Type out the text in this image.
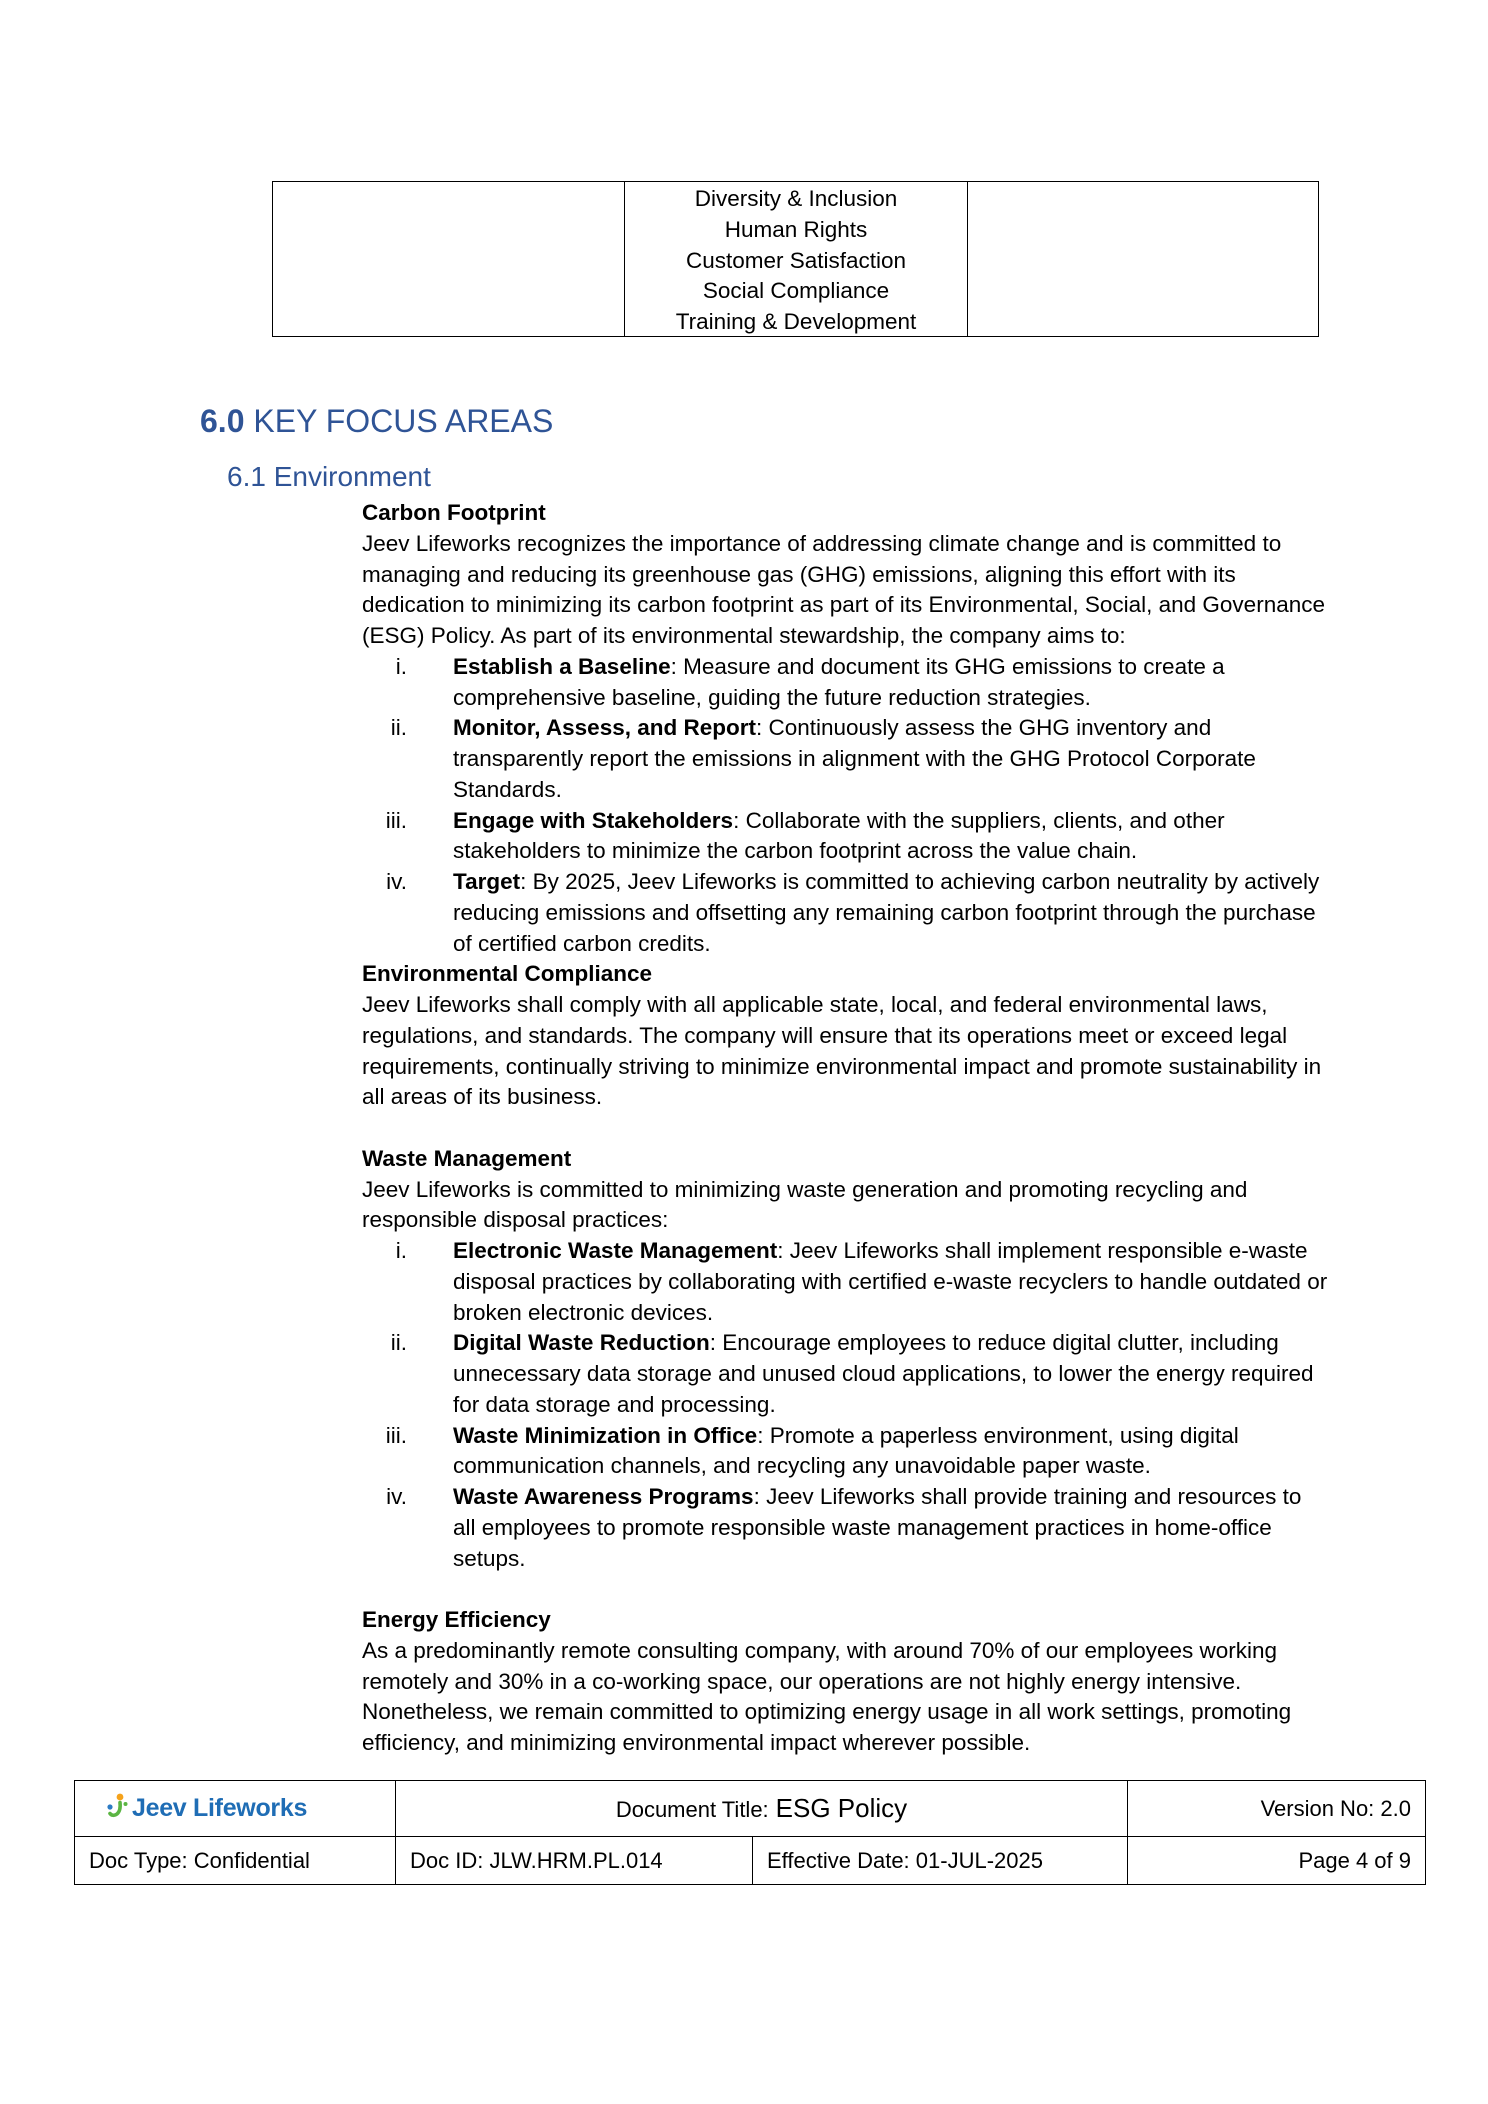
Diversity & Inclusion
Human Rights
Customer Satisfaction
Social Compliance
Training & Development
6.0 KEY FOCUS AREAS
6.1 Environment
Carbon Footprint

Jeev Lifeworks recognizes the importance of addressing climate change and is committed to managing and reducing its greenhouse gas (GHG) emissions, aligning this effort with its dedication to minimizing its carbon footprint as part of its Environmental, Social, and Governance (ESG) Policy. As part of its environmental stewardship, the company aims to:

i. Establish a Baseline: Measure and document its GHG emissions to create a comprehensive baseline, guiding the future reduction strategies.
ii. Monitor, Assess, and Report: Continuously assess the GHG inventory and transparently report the emissions in alignment with the GHG Protocol Corporate Standards.
iii. Engage with Stakeholders: Collaborate with the suppliers, clients, and other stakeholders to minimize the carbon footprint across the value chain.
iv. Target: By 2025, Jeev Lifeworks is committed to achieving carbon neutrality by actively reducing emissions and offsetting any remaining carbon footprint through the purchase of certified carbon credits.
Environmental Compliance

Jeev Lifeworks shall comply with all applicable state, local, and federal environmental laws, regulations, and standards. The company will ensure that its operations meet or exceed legal requirements, continually striving to minimize environmental impact and promote sustainability in all areas of its business.

Waste Management

Jeev Lifeworks is committed to minimizing waste generation and promoting recycling and responsible disposal practices:

i. Electronic Waste Management: Jeev Lifeworks shall implement responsible e-waste disposal practices by collaborating with certified e-waste recyclers to handle outdated or broken electronic devices.
ii. Digital Waste Reduction: Encourage employees to reduce digital clutter, including unnecessary data storage and unused cloud applications, to lower the energy required for data storage and processing.
iii. Waste Minimization in Office: Promote a paperless environment, using digital communication channels, and recycling any unavoidable paper waste.
iv. Waste Awareness Programs: Jeev Lifeworks shall provide training and resources to all employees to promote responsible waste management practices in home-office setups.
Energy Efficiency

As a predominantly remote consulting company, with around 70% of our employees working remotely and 30% in a co-working space, our operations are not highly energy intensive. Nonetheless, we remain committed to optimizing energy usage in all work settings, promoting efficiency, and minimizing environmental impact wherever possible.

Jeev Lifeworks	Document Title: ESG Policy	Version No: 2.0
Doc Type: Confidential	Doc ID: JLW.HRM.PL.014	Effective Date: 01-JUL-2025	Page 4 of 9
